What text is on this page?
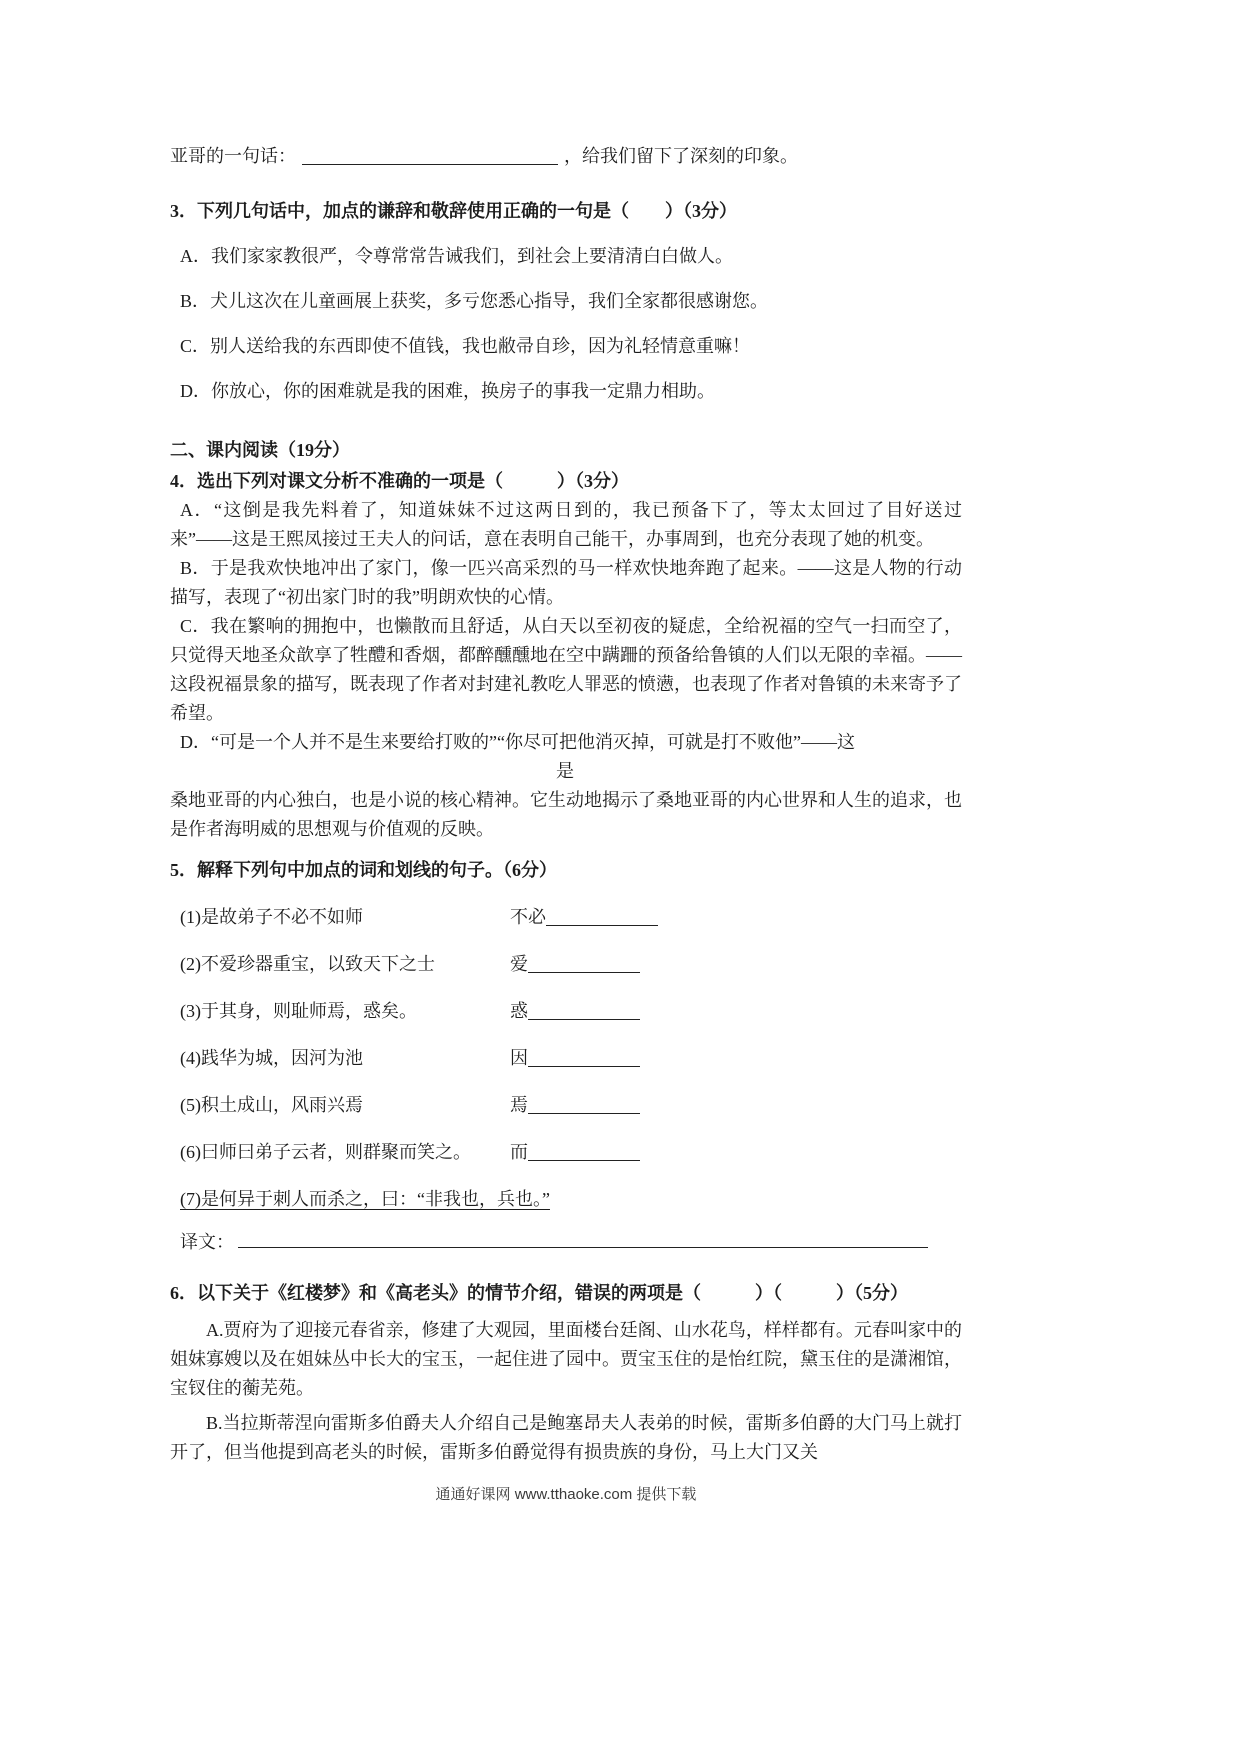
亚哥的一句话：	，给我们留下了深刻的印象。

3．下列几句话中，加点的谦辞和敬辞使用正确的一句是（　　）（3分）

A．我们家家教很严，令尊常常告诫我们，到社会上要清清白白做人。

B．犬儿这次在儿童画展上获奖，多亏您悉心指导，我们全家都很感谢您。

C．别人送给我的东西即使不值钱，我也敝帚自珍，因为礼轻情意重嘛！

D．你放心，你的困难就是我的困难，换房子的事我一定鼎力相助。

二、课内阅读（19分）

4．选出下列对课文分析不准确的一项是（　　　）（3分）

A．“这倒是我先料着了，知道妹妹不过这两日到的，我已预备下了，等太太回过了目好送过来”——这是王熙凤接过王夫人的问话，意在表明自己能干，办事周到，也充分表现了她的机变。

B．于是我欢快地冲出了家门，像一匹兴高采烈的马一样欢快地奔跑了起来。——这是人物的行动描写，表现了“初出家门时的我”明朗欢快的心情。

C．我在繁响的拥抱中，也懒散而且舒适，从白天以至初夜的疑虑，全给祝福的空气一扫而空了，只觉得天地圣众歆享了牲醴和香烟，都醉醺醺地在空中蹒跚的预备给鲁镇的人们以无限的幸福。——这段祝福景象的描写，既表现了作者对封建礼教吃人罪恶的愤懑，也表现了作者对鲁镇的未来寄予了希望。

D．“可是一个人并不是生来要给打败的”“你尽可把他消灭掉，可就是打不败他”——这

是

桑地亚哥的内心独白，也是小说的核心精神。它生动地揭示了桑地亚哥的内心世界和人生的追求，也是作者海明威的思想观与价值观的反映。

5．解释下列句中加点的词和划线的句子。（6分）

(1)是故弟子不必不如师	不必
(2)不爱珍器重宝，以致天下之士	爱
(3)于其身，则耻师焉，惑矣。	惑
(4)践华为城，因河为池	因
(5)积土成山，风雨兴焉	焉
(6)曰师曰弟子云者，则群聚而笑之。	而

(7)是何异于刺人而杀之，曰：“非我也，兵也。”

译文：

6．以下关于《红楼梦》和《高老头》的情节介绍，错误的两项是（　　　）（　　　）（5分）

A.贾府为了迎接元春省亲，修建了大观园，里面楼台廷阁、山水花鸟，样样都有。元春叫家中的姐妹寡嫂以及在姐妹丛中长大的宝玉，一起住进了园中。贾宝玉住的是怡红院，黛玉住的是潇湘馆，宝钗住的蘅芜苑。

B.当拉斯蒂涅向雷斯多伯爵夫人介绍自己是鲍塞昂夫人表弟的时候，雷斯多伯爵的大门马上就打开了，但当他提到高老头的时候，雷斯多伯爵觉得有损贵族的身份，马上大门又关

通通好课网 www.tthaoke.com 提供下载
